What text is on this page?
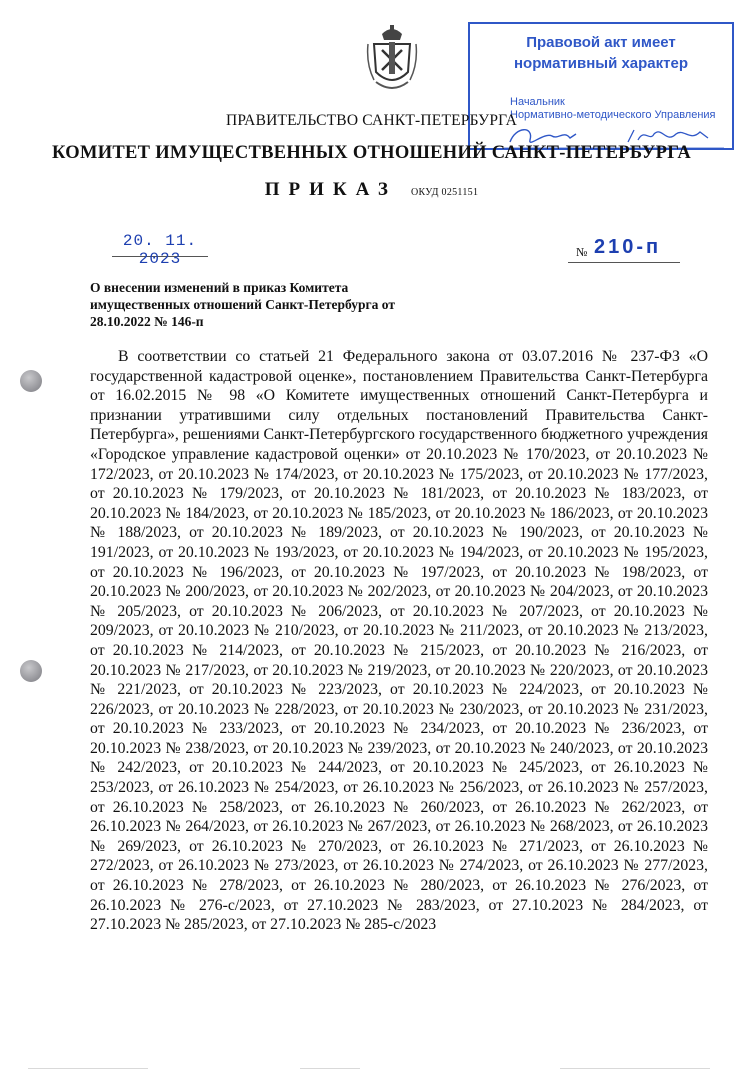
Правовой акт имеет
нормативный характер
Начальник
Нормативно-методического Управления
ПРАВИТЕЛЬСТВО САНКТ-ПЕТЕРБУРГА
КОМИТЕТ ИМУЩЕСТВЕННЫХ ОТНОШЕНИЙ САНКТ-ПЕТЕРБУРГА
ПРИКАЗ ОКУД 0251151
20. 11. 2023	№ 210-п
О внесении изменений в приказ Комитета имущественных отношений Санкт-Петербурга от 28.10.2022 № 146-п

В соответствии со статьей 21 Федерального закона от 03.07.2016 № 237-ФЗ «О государственной кадастровой оценке», постановлением Правительства Санкт-Петербурга от 16.02.2015 № 98 «О Комитете имущественных отношений Санкт-Петербурга и признании утратившими силу отдельных постановлений Правительства Санкт-Петербурга», решениями Санкт-Петербургского государственного бюджетного учреждения «Городское управление кадастровой оценки» от 20.10.2023 № 170/2023, от 20.10.2023 № 172/2023, от 20.10.2023 № 174/2023, от 20.10.2023 № 175/2023, от 20.10.2023 № 177/2023, от 20.10.2023 № 179/2023, от 20.10.2023 № 181/2023, от 20.10.2023 № 183/2023, от 20.10.2023 № 184/2023, от 20.10.2023 № 185/2023, от 20.10.2023 № 186/2023, от 20.10.2023 № 188/2023, от 20.10.2023 № 189/2023, от 20.10.2023 № 190/2023, от 20.10.2023 № 191/2023, от 20.10.2023 № 193/2023, от 20.10.2023 № 194/2023, от 20.10.2023 № 195/2023, от 20.10.2023 № 196/2023, от 20.10.2023 № 197/2023, от 20.10.2023 № 198/2023, от 20.10.2023 № 200/2023, от 20.10.2023 № 202/2023, от 20.10.2023 № 204/2023, от 20.10.2023 № 205/2023, от 20.10.2023 № 206/2023, от 20.10.2023 № 207/2023, от 20.10.2023 № 209/2023, от 20.10.2023 № 210/2023, от 20.10.2023 № 211/2023, от 20.10.2023 № 213/2023, от 20.10.2023 № 214/2023, от 20.10.2023 № 215/2023, от 20.10.2023 № 216/2023, от 20.10.2023 № 217/2023, от 20.10.2023 № 219/2023, от 20.10.2023 № 220/2023, от 20.10.2023 № 221/2023, от 20.10.2023 № 223/2023, от 20.10.2023 № 224/2023, от 20.10.2023 № 226/2023, от 20.10.2023 № 228/2023, от 20.10.2023 № 230/2023, от 20.10.2023 № 231/2023, от 20.10.2023 № 233/2023, от 20.10.2023 № 234/2023, от 20.10.2023 № 236/2023, от 20.10.2023 № 238/2023, от 20.10.2023 № 239/2023, от 20.10.2023 № 240/2023, от 20.10.2023 № 242/2023, от 20.10.2023 № 244/2023, от 20.10.2023 № 245/2023, от 26.10.2023 № 253/2023, от 26.10.2023 № 254/2023, от 26.10.2023 № 256/2023, от 26.10.2023 № 257/2023, от 26.10.2023 № 258/2023, от 26.10.2023 № 260/2023, от 26.10.2023 № 262/2023, от 26.10.2023 № 264/2023, от 26.10.2023 № 267/2023, от 26.10.2023 № 268/2023, от 26.10.2023 № 269/2023, от 26.10.2023 № 270/2023, от 26.10.2023 № 271/2023, от 26.10.2023 № 272/2023, от 26.10.2023 № 273/2023, от 26.10.2023 № 274/2023, от 26.10.2023 № 277/2023, от 26.10.2023 № 278/2023, от 26.10.2023 № 280/2023, от 26.10.2023 № 276/2023, от 26.10.2023 № 276-с/2023, от 27.10.2023 № 283/2023, от 27.10.2023 № 284/2023, от 27.10.2023 № 285/2023, от 27.10.2023 № 285-с/2023
